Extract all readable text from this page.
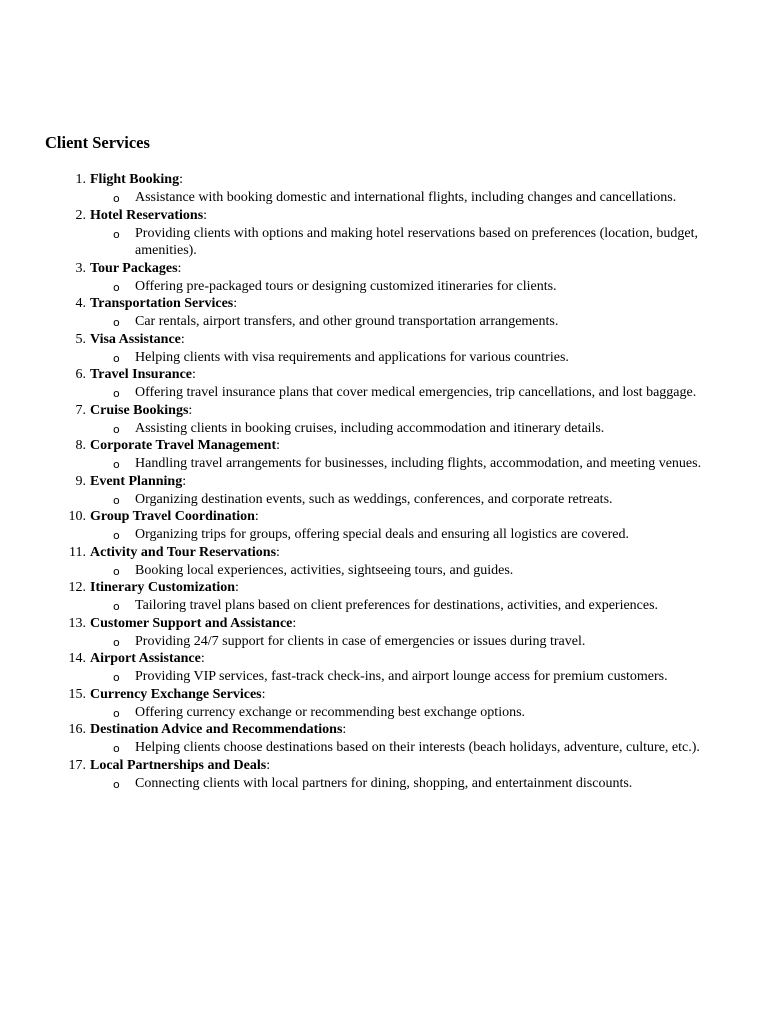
Client Services
1. Flight Booking:
o Assistance with booking domestic and international flights, including changes and cancellations.
2. Hotel Reservations:
o Providing clients with options and making hotel reservations based on preferences (location, budget, amenities).
3. Tour Packages:
o Offering pre-packaged tours or designing customized itineraries for clients.
4. Transportation Services:
o Car rentals, airport transfers, and other ground transportation arrangements.
5. Visa Assistance:
o Helping clients with visa requirements and applications for various countries.
6. Travel Insurance:
o Offering travel insurance plans that cover medical emergencies, trip cancellations, and lost baggage.
7. Cruise Bookings:
o Assisting clients in booking cruises, including accommodation and itinerary details.
8. Corporate Travel Management:
o Handling travel arrangements for businesses, including flights, accommodation, and meeting venues.
9. Event Planning:
o Organizing destination events, such as weddings, conferences, and corporate retreats.
10. Group Travel Coordination:
o Organizing trips for groups, offering special deals and ensuring all logistics are covered.
11. Activity and Tour Reservations:
o Booking local experiences, activities, sightseeing tours, and guides.
12. Itinerary Customization:
o Tailoring travel plans based on client preferences for destinations, activities, and experiences.
13. Customer Support and Assistance:
o Providing 24/7 support for clients in case of emergencies or issues during travel.
14. Airport Assistance:
o Providing VIP services, fast-track check-ins, and airport lounge access for premium customers.
15. Currency Exchange Services:
o Offering currency exchange or recommending best exchange options.
16. Destination Advice and Recommendations:
o Helping clients choose destinations based on their interests (beach holidays, adventure, culture, etc.).
17. Local Partnerships and Deals:
o Connecting clients with local partners for dining, shopping, and entertainment discounts.
